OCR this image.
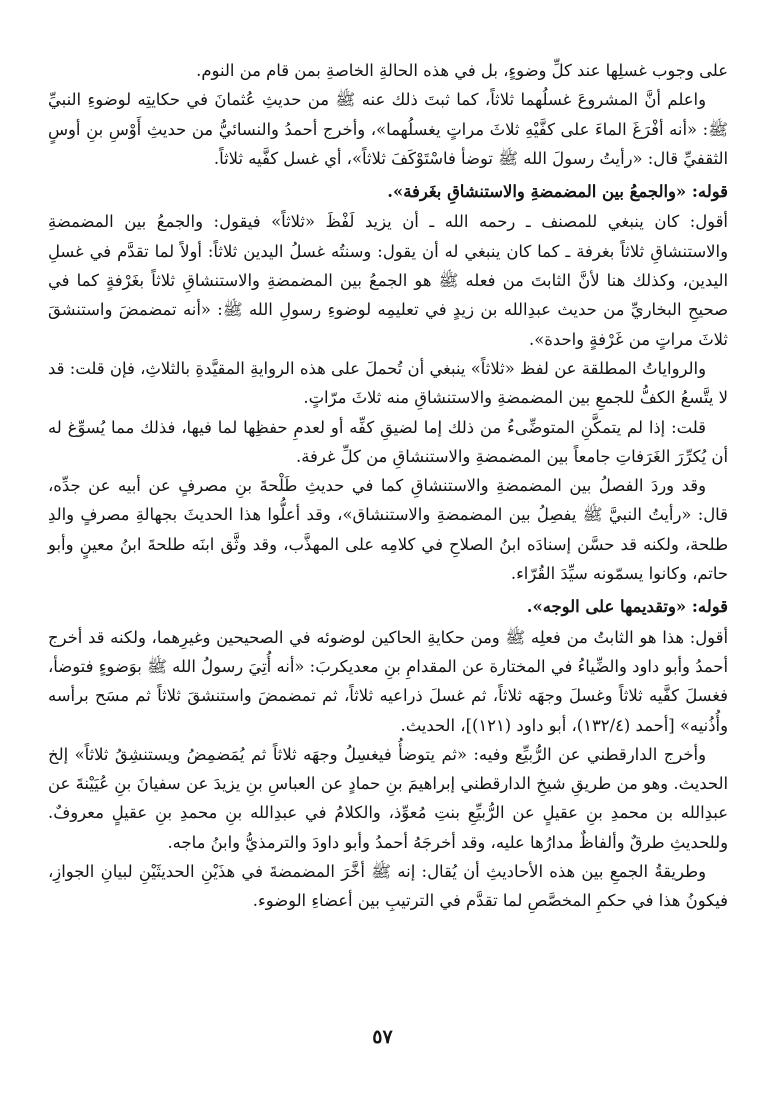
على وجوب غسلِها عند كلِّ وضوءٍ، بل في هذه الحالةِ الخاصةِ بمن قام من النوم.

واعلم أنَّ المشروعَ غسلُهما ثلاثاً، كما ثبتَ ذلك عنه ﷺ من حديثِ عُثمانَ في حكايتِه لوضوءِ النبيِّ ﷺ: «أنه أفْرَغَ الماءَ على كفَّيْهِ ثلاثَ مراتٍ يغسلُهما»، وأخرج أحمدُ والنسائيُّ من حديثِ أَوْسِ بنِ أوسٍ الثقفيِّ قال: «رأيتُ رسولَ الله ﷺ توضأ فاسْتَوْكَفَ ثلاثاً»، أي غسل كفَّيه ثلاثاً.

قوله: «والجمعُ بين المضمضةِ والاستنشاقِ بغَرفة».

أقول: كان ينبغي للمصنف ـ رحمه الله ـ أن يزيد لَفْظَ «ثلاثاً» فيقول: والجمعُ بين المضمضةِ والاستنشاقِ ثلاثاً بغرفة ـ كما كان ينبغي له أن يقول: وسنتُه غسلُ اليدين ثلاثاً: أولاً لما تقدَّم في غسلِ اليدين، وكذلك هنا لأنَّ الثابتَ من فعله ﷺ هو الجمعُ بين المضمضةِ والاستنشاقِ ثلاثاً بغَرْفةٍ كما في صحيحِ البخاريِّ من حديث عبدِالله بن زيدٍ في تعليمِه لوضوءِ رسولِ الله ﷺ: «أنه تمضمضَ واستنشقَ ثلاثَ مراتٍ من غَرْفةٍ واحدة».

والرواياتُ المطلقة عن لفظ «ثلاثاً» ينبغي أن تُحملَ على هذه الروايةِ المقيَّدةِ بالثلاثِ، فإن قلت: قد لا يتَّسعُ الكفُّ للجمعِ بين المضمضةِ والاستنشاقِ منه ثلاثَ مرّاتٍ.

قلت: إذا لم يتمكَّنِ المتوضِّىءُ من ذلك إما لضيقِ كفِّه أو لعدمِ حفظِها لما فيها، فذلك مما يُسوِّغ له أن يُكرِّرَ الغَرَفاتِ جامعاً بين المضمضةِ والاستنشاقِ من كلِّ غرفة.

وقد وردَ الفصلُ بين المضمضةِ والاستنشاقِ كما في حديثِ طَلْحةَ بنِ مصرفٍ عن أبيه عن جدِّه، قال: «رأيتُ النبيَّ ﷺ يفصِلُ بين المضمضةِ والاستنشاق»، وقد أعلُّوا هذا الحديثَ بجهالةِ مصرفٍ والدِ طلحة، ولكنه قد حسَّن إسنادَه ابنُ الصلاحِ في كلامِه على المهذَّب، وقد وثَّق ابنَه طلحةَ ابنُ معينٍ وأبو حاتم، وكانوا يسمّونه سيِّدَ القُرّاء.

قوله: «وتقديمها على الوجه».

أقول: هذا هو الثابتُ من فعلِه ﷺ ومن حكايةِ الحاكين لوضوئه في الصحيحين وغيرِهما، ولكنه قد أخرج أحمدُ وأبو داود والضِّياءُ في المختارة عن المقدامِ بنِ معديكربَ: «أنه أُتِيَ رسولُ الله ﷺ بوَضوءٍ فتوضأ، فغسلَ كفَّيه ثلاثاً وغسلَ وجهَه ثلاثاً، ثم غسلَ ذراعيه ثلاثاً، ثم تمضمضَ واستنشقَ ثلاثاً ثم مسَح برأسه وأُذُنيه» [أحمد (١٣٢/٤)، أبو داود (١٢١)]، الحديث.

وأخرج الدارقطني عن الرُّبيِّع وفيه: «ثم يتوضأُ فيغسِلُ وجهَه ثلاثاً ثم يُمَضمِضُ ويستنشِقُ ثلاثاً» إلخ الحديث. وهو من طريقِ شيخِ الدارقطني إبراهيمَ بنِ حمادٍ عن العباسِ بنِ يزيدَ عن سفيانَ بنِ عُيَيْنةَ عن عبدِالله بن محمدِ بنِ عقيلٍ عن الرُّبيِّعِ بنتِ مُعوِّذ، والكلامُ في عبدِالله بنِ محمدِ بنِ عقيلٍ معروفٌ. وللحديثِ طرقٌ وألفاظٌ مدارُها عليه، وقد أخرجَهُ أحمدُ وأبو داودَ والترمذيُّ وابنُ ماجه.

وطريقةُ الجمعِ بين هذه الأحاديثِ أن يُقال: إنه ﷺ أخَّرَ المضمضةَ في هذَيْنِ الحديثَيْنِ لبيانِ الجوازِ، فيكونُ هذا في حكمِ المخصَّصِ لما تقدَّم في الترتيبِ بين أعضاءِ الوضوء.

٥٧
